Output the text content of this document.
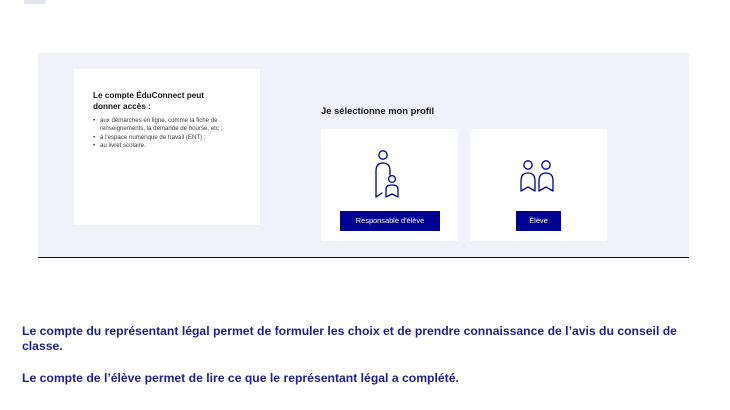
Le compte ÉduConnect peut donner accès :
• aux démarches en ligne, comme la fiche de renseignements, la demande de bourse, etc ;
• à l'espace numérique de travail (ENT) ;
• au livret scolaire.
Je sélectionne mon profil
Responsable d'élève	Élève
Le compte du représentant légal permet de formuler les choix et de prendre connaissance de l’avis du conseil de classe.
Le compte de l’élève permet de lire ce que le représentant légal a complété.
